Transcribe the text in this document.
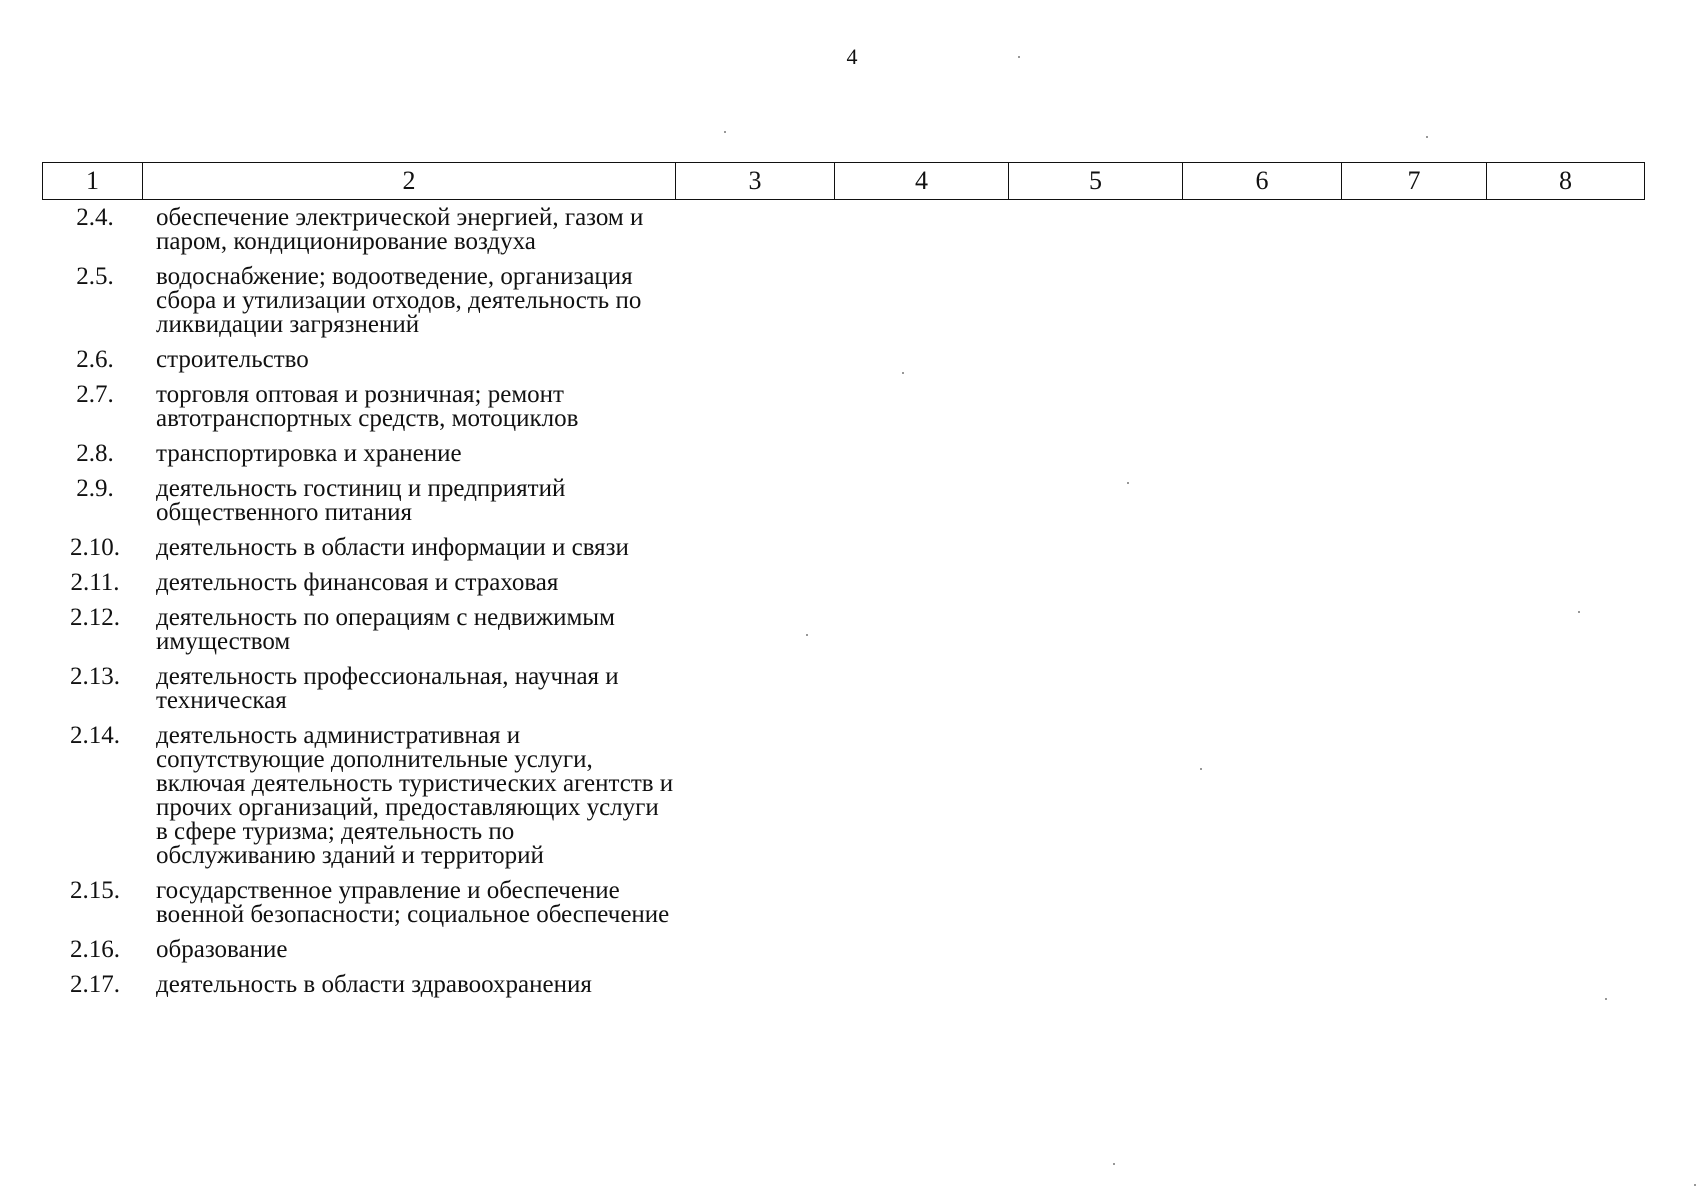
4
1	2	3	4	5	6	7	8
2.4.	обеспечение электрической энергией, газом и паром, кондиционирование воздуха
2.5.	водоснабжение; водоотведение, организация сбора и утилизации отходов, деятельность по ликвидации загрязнений
2.6.	строительство
2.7.	торговля оптовая и розничная; ремонт автотранспортных средств, мотоциклов
2.8.	транспортировка и хранение
2.9.	деятельность гостиниц и предприятий общественного питания
2.10.	деятельность в области информации и связи
2.11.	деятельность финансовая и страховая
2.12.	деятельность по операциям с недвижимым имуществом
2.13.	деятельность профессиональная, научная и техническая
2.14.	деятельность административная и сопутствующие дополнительные услуги, включая деятельность туристических агентств и прочих организаций, предоставляющих услуги в сфере туризма; деятельность по обслуживанию зданий и территорий
2.15.	государственное управление и обеспечение военной безопасности; социальное обеспечение
2.16.	образование
2.17.	деятельность в области здравоохранения
